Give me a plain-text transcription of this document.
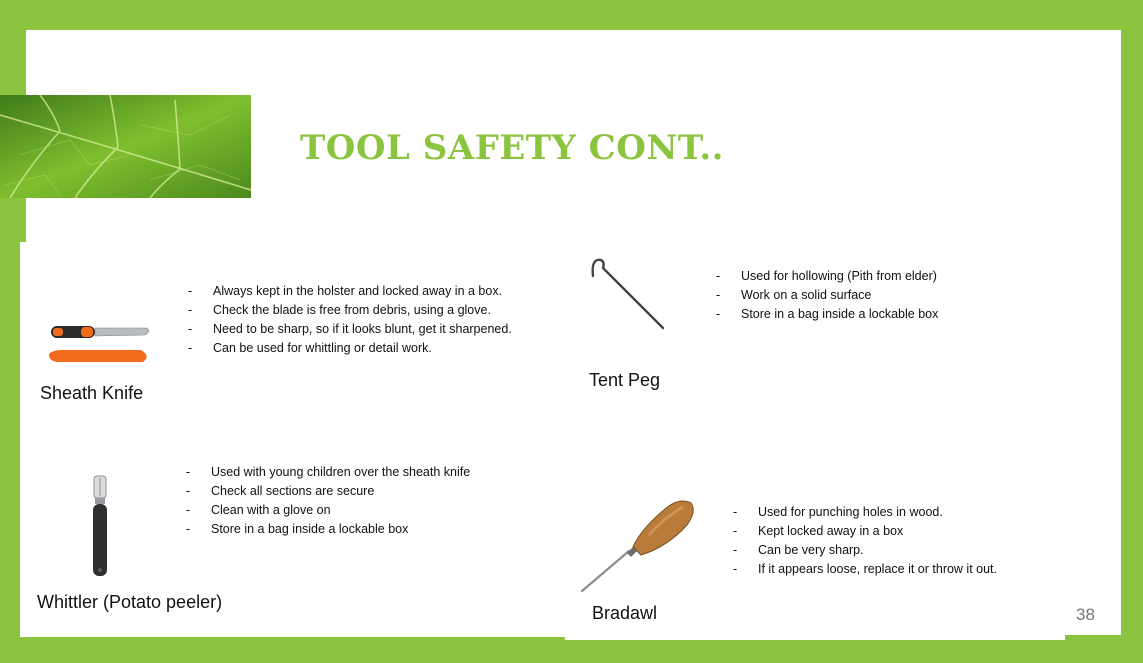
TOOL SAFETY CONT..
Sheath Knife
- Always kept in the holster and locked away in a box.
- Check the blade is free from debris, using a glove.
- Need to be sharp, so if it looks blunt, get it sharpened.
- Can be used for whittling or detail work.
Whittler (Potato peeler)
- Used with young children over the sheath knife
- Check all sections are secure
- Clean with a glove on
- Store in a bag inside a lockable box
Tent Peg
- Used for hollowing (Pith from elder)
- Work on a solid surface
- Store in a bag inside a lockable box
Bradawl
- Used for punching holes in wood.
- Kept locked away in a box
- Can be very sharp.
- If it appears loose, replace it or throw it out.
38
